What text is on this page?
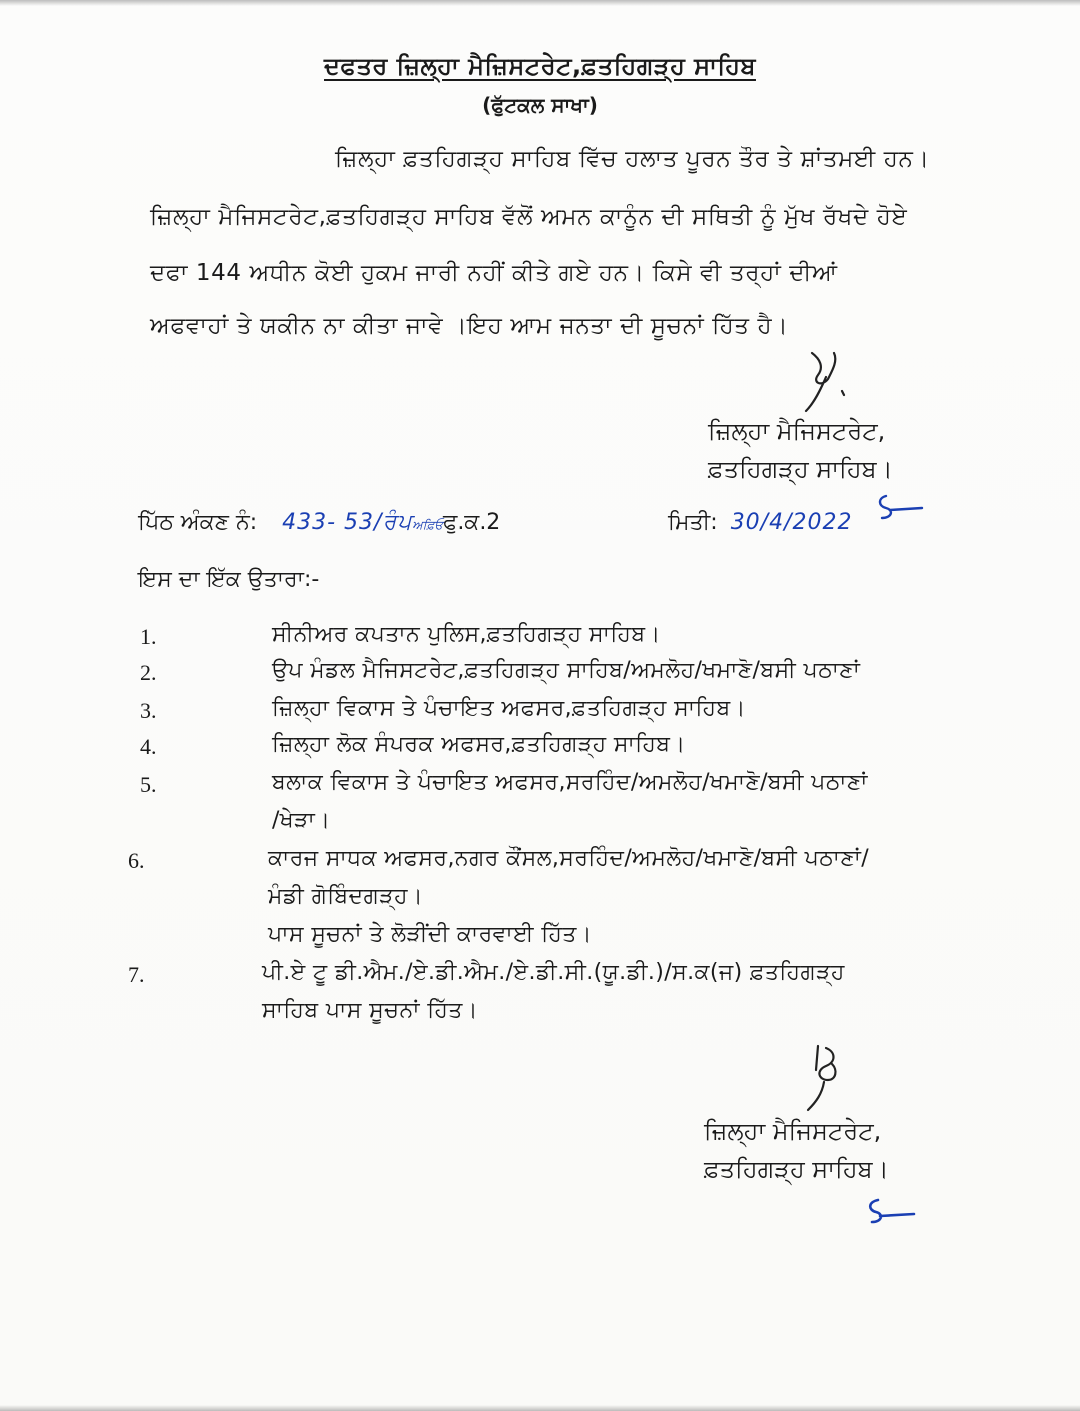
ਦਫਤਰ ਜ਼ਿਲ੍ਹਾ ਮੈਜ਼ਿਸਟਰੇਟ,ਫ਼ਤਹਿਗੜ੍ਹ ਸਾਹਿਬ
(ਫੁੱਟਕਲ ਸਾਖਾ)
ਜ਼ਿਲ੍ਹਾ ਫ਼ਤਹਿਗੜ੍ਹ ਸਾਹਿਬ ਵਿੱਚ ਹਲਾਤ ਪੂਰਨ ਤੌਰ ਤੇ ਸ਼ਾਂਤਮਈ ਹਨ।
ਜ਼ਿਲ੍ਹਾ ਮੈਜਿਸਟਰੇਟ,ਫ਼ਤਹਿਗੜ੍ਹ ਸਾਹਿਬ ਵੱਲੋਂ ਅਮਨ ਕਾਨੂੰਨ ਦੀ ਸਥਿਤੀ ਨੂੰ ਮੁੱਖ ਰੱਖਦੇ ਹੋਏ
ਦਫਾ 144 ਅਧੀਨ ਕੋਈ ਹੁਕਮ ਜਾਰੀ ਨਹੀਂ ਕੀਤੇ ਗਏ ਹਨ। ਕਿਸੇ ਵੀ ਤਰ੍ਹਾਂ ਦੀਆਂ
ਅਫਵਾਹਾਂ ਤੇ ਯਕੀਨ ਨਾ ਕੀਤਾ ਜਾਵੇ ।ਇਹ ਆਮ ਜਨਤਾ ਦੀ ਸੂਚਨਾਂ ਹਿੱਤ ਹੈ।
ਜ਼ਿਲ੍ਹਾ ਮੈਜਿਸਟਰੇਟ,
ਫ਼ਤਹਿਗੜ੍ਹ ਸਾਹਿਬ।
ਪਿੱਠ ਅੰਕਣ ਨੰ: 433- 53/ਰੰਪਅਫ਼ਿਓਫੁ.ਕ.2	ਮਿਤੀ: 30/4/2022
ਇਸ ਦਾ ਇੱਕ ਉਤਾਰਾ:-
1.	ਸੀਨੀਅਰ ਕਪਤਾਨ ਪੁਲਿਸ,ਫ਼ਤਹਿਗੜ੍ਹ ਸਾਹਿਬ।
2.	ਉਪ ਮੰਡਲ ਮੈਜਿਸਟਰੇਟ,ਫ਼ਤਹਿਗੜ੍ਹ ਸਾਹਿਬ/ਅਮਲੋਹ/ਖਮਾਣੋ/ਬਸੀ ਪਠਾਣਾਂ
3.	ਜ਼ਿਲ੍ਹਾ ਵਿਕਾਸ ਤੇ ਪੰਚਾਇਤ ਅਫਸਰ,ਫ਼ਤਹਿਗੜ੍ਹ ਸਾਹਿਬ।
4.	ਜ਼ਿਲ੍ਹਾ ਲੋਕ ਸੰਪਰਕ ਅਫਸਰ,ਫ਼ਤਹਿਗੜ੍ਹ ਸਾਹਿਬ।
5.	ਬਲਾਕ ਵਿਕਾਸ ਤੇ ਪੰਚਾਇਤ ਅਫਸਰ,ਸਰਹਿੰਦ/ਅਮਲੋਹ/ਖਮਾਣੋ/ਬਸੀ ਪਠਾਣਾਂ
/ਖੇੜਾ।
6.	ਕਾਰਜ ਸਾਧਕ ਅਫਸਰ,ਨਗਰ ਕੌਂਸਲ,ਸਰਹਿੰਦ/ਅਮਲੋਹ/ਖਮਾਣੋ/ਬਸੀ ਪਠਾਣਾਂ/
ਮੰਡੀ ਗੋਬਿੰਦਗੜ੍ਹ।
ਪਾਸ ਸੂਚਨਾਂ ਤੇ ਲੋੜੀਂਦੀ ਕਾਰਵਾਈ ਹਿੱਤ।
7.	ਪੀ.ਏ ਟੂ ਡੀ.ਐਮ./ਏ.ਡੀ.ਐਮ./ਏ.ਡੀ.ਸੀ.(ਯੂ.ਡੀ.)/ਸ.ਕ(ਜ) ਫ਼ਤਹਿਗੜ੍ਹ
ਸਾਹਿਬ ਪਾਸ ਸੂਚਨਾਂ ਹਿੱਤ।
ਜ਼ਿਲ੍ਹਾ ਮੈਜਿਸਟਰੇਟ,
ਫ਼ਤਹਿਗੜ੍ਹ ਸਾਹਿਬ।
